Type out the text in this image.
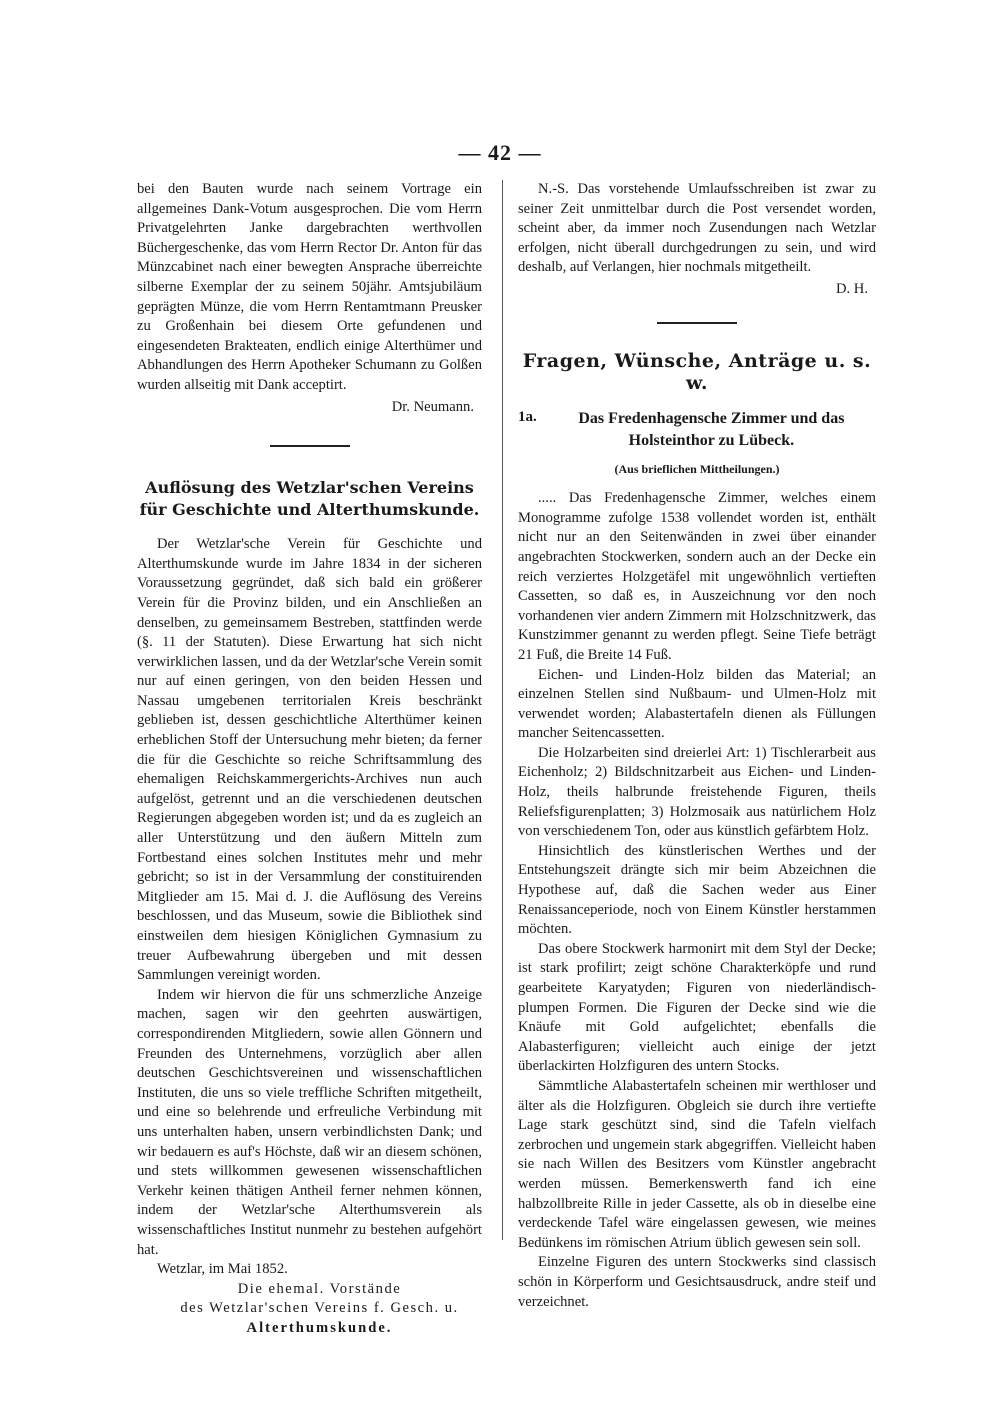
— 42 —

bei den Bauten wurde nach seinem Vortrage ein allgemeines Dank-Votum ausgesprochen. Die vom Herrn Privatgelehrten Janke dargebrachten werthvollen Büchergeschenke, das vom Herrn Rector Dr. Anton für das Münzcabinet nach einer bewegten Ansprache überreichte silberne Exemplar der zu seinem 50jähr. Amtsjubiläum geprägten Münze, die vom Herrn Rentamtmann Preusker zu Großenhain bei diesem Orte gefundenen und eingesendeten Brakteaten, endlich einige Alterthümer und Abhandlungen des Herrn Apotheker Schumann zu Golßen wurden allseitig mit Dank acceptirt.

Dr. Neumann.

Auflösung des Wetzlar'schen Vereins für Geschichte und Alterthumskunde.

Der Wetzlar'sche Verein für Geschichte und Alterthumskunde wurde im Jahre 1834 in der sicheren Voraussetzung gegründet, daß sich bald ein größerer Verein für die Provinz bilden, und ein Anschließen an denselben, zu gemeinsamem Bestreben, stattfinden werde (§. 11 der Statuten). Diese Erwartung hat sich nicht verwirklichen lassen, und da der Wetzlar'sche Verein somit nur auf einen geringen, von den beiden Hessen und Nassau umgebenen territorialen Kreis beschränkt geblieben ist, dessen geschichtliche Alterthümer keinen erheblichen Stoff der Untersuchung mehr bieten; da ferner die für die Geschichte so reiche Schriftsammlung des ehemaligen Reichskammergerichts-Archives nun auch aufgelöst, getrennt und an die verschiedenen deutschen Regierungen abgegeben worden ist; und da es zugleich an aller Unterstützung und den äußern Mitteln zum Fortbestand eines solchen Institutes mehr und mehr gebricht; so ist in der Versammlung der constituirenden Mitglieder am 15. Mai d. J. die Auflösung des Vereins beschlossen, und das Museum, sowie die Bibliothek sind einstweilen dem hiesigen Königlichen Gymnasium zu treuer Aufbewahrung übergeben und mit dessen Sammlungen vereinigt worden.

Indem wir hiervon die für uns schmerzliche Anzeige machen, sagen wir den geehrten auswärtigen, correspondirenden Mitgliedern, sowie allen Gönnern und Freunden des Unternehmens, vorzüglich aber allen deutschen Geschichtsvereinen und wissenschaftlichen Instituten, die uns so viele treffliche Schriften mitgetheilt, und eine so belehrende und erfreuliche Verbindung mit uns unterhalten haben, unsern verbindlichsten Dank; und wir bedauern es auf's Höchste, daß wir an diesem schönen, und stets willkommen gewesenen wissenschaftlichen Verkehr keinen thätigen Antheil ferner nehmen können, indem der Wetzlar'sche Alterthumsverein als wissenschaftliches Institut nunmehr zu bestehen aufgehört hat.

Wetzlar, im Mai 1852.

Die ehemal. Vorstände

des Wetzlar'schen Vereins f. Gesch. u.

Alterthumskunde.

N.-S. Das vorstehende Umlaufsschreiben ist zwar zu seiner Zeit unmittelbar durch die Post versendet worden, scheint aber, da immer noch Zusendungen nach Wetzlar erfolgen, nicht überall durchgedrungen zu sein, und wird deshalb, auf Verlangen, hier nochmals mitgetheilt.

D. H.

Fragen, Wünsche, Anträge u. s. w.

1a.	Das Fredenhagensche Zimmer und das Holsteinthor zu Lübeck.

(Aus brieflichen Mittheilungen.)

..... Das Fredenhagensche Zimmer, welches einem Monogramme zufolge 1538 vollendet worden ist, enthält nicht nur an den Seitenwänden in zwei über einander angebrachten Stockwerken, sondern auch an der Decke ein reich verziertes Holzgetäfel mit ungewöhnlich vertieften Cassetten, so daß es, in Auszeichnung vor den noch vorhandenen vier andern Zimmern mit Holzschnitzwerk, das Kunstzimmer genannt zu werden pflegt. Seine Tiefe beträgt 21 Fuß, die Breite 14 Fuß.

Eichen- und Linden-Holz bilden das Material; an einzelnen Stellen sind Nußbaum- und Ulmen-Holz mit verwendet worden; Alabastertafeln dienen als Füllungen mancher Seitencassetten.

Die Holzarbeiten sind dreierlei Art: 1) Tischlerarbeit aus Eichenholz; 2) Bildschnitzarbeit aus Eichen- und Linden-Holz, theils halbrunde freistehende Figuren, theils Reliefsfigurenplatten; 3) Holzmosaik aus natürlichem Holz von verschiedenem Ton, oder aus künstlich gefärbtem Holz.

Hinsichtlich des künstlerischen Werthes und der Entstehungszeit drängte sich mir beim Abzeichnen die Hypothese auf, daß die Sachen weder aus Einer Renaissanceperiode, noch von Einem Künstler herstammen möchten.

Das obere Stockwerk harmonirt mit dem Styl der Decke; ist stark profilirt; zeigt schöne Charakterköpfe und rund gearbeitete Karyatyden; Figuren von niederländisch-plumpen Formen. Die Figuren der Decke sind wie die Knäufe mit Gold aufgelichtet; ebenfalls die Alabasterfiguren; vielleicht auch einige der jetzt überlackirten Holzfiguren des untern Stocks.

Sämmtliche Alabastertafeln scheinen mir werthloser und älter als die Holzfiguren. Obgleich sie durch ihre vertiefte Lage stark geschützt sind, sind die Tafeln vielfach zerbrochen und ungemein stark abgegriffen. Vielleicht haben sie nach Willen des Besitzers vom Künstler angebracht werden müssen. Bemerkenswerth fand ich eine halbzollbreite Rille in jeder Cassette, als ob in dieselbe eine verdeckende Tafel wäre eingelassen gewesen, wie meines Bedünkens im römischen Atrium üblich gewesen sein soll.

Einzelne Figuren des untern Stockwerks sind classisch schön in Körperform und Gesichtsausdruck, andre steif und verzeichnet.
